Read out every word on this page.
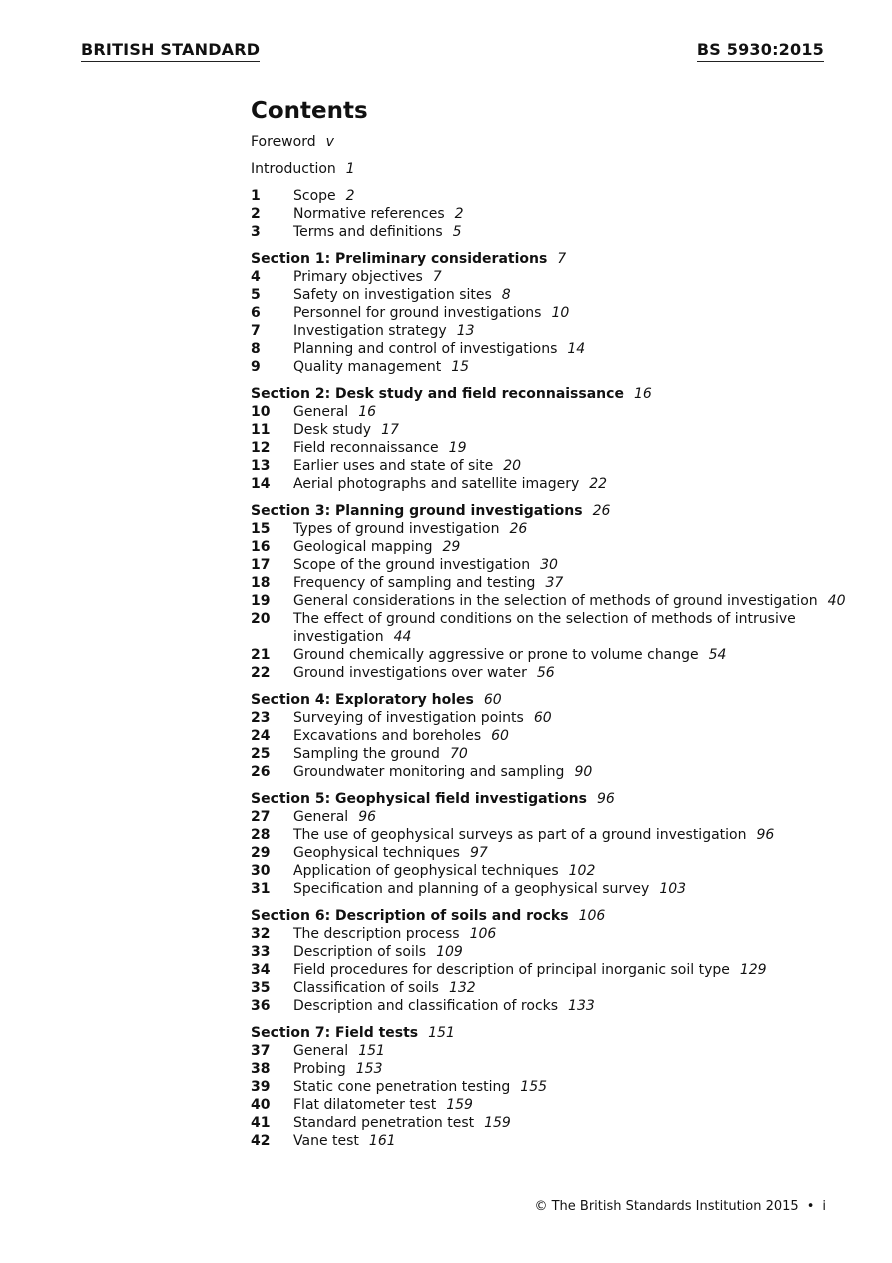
BRITISH STANDARD	BS 5930:2015
Contents
Foreword v
Introduction 1
1	Scope 2
2	Normative references 2
3	Terms and definitions 5
Section 1: Preliminary considerations 7
4	Primary objectives 7
5	Safety on investigation sites 8
6	Personnel for ground investigations 10
7	Investigation strategy 13
8	Planning and control of investigations 14
9	Quality management 15
Section 2: Desk study and field reconnaissance 16
10	General 16
11	Desk study 17
12	Field reconnaissance 19
13	Earlier uses and state of site 20
14	Aerial photographs and satellite imagery 22
Section 3: Planning ground investigations 26
15	Types of ground investigation 26
16	Geological mapping 29
17	Scope of the ground investigation 30
18	Frequency of sampling and testing 37
19	General considerations in the selection of methods of ground investigation 40
20	The effect of ground conditions on the selection of methods of intrusive investigation 44
21	Ground chemically aggressive or prone to volume change 54
22	Ground investigations over water 56
Section 4: Exploratory holes 60
23	Surveying of investigation points 60
24	Excavations and boreholes 60
25	Sampling the ground 70
26	Groundwater monitoring and sampling 90
Section 5: Geophysical field investigations 96
27	General 96
28	The use of geophysical surveys as part of a ground investigation 96
29	Geophysical techniques 97
30	Application of geophysical techniques 102
31	Specification and planning of a geophysical survey 103
Section 6: Description of soils and rocks 106
32	The description process 106
33	Description of soils 109
34	Field procedures for description of principal inorganic soil type 129
35	Classification of soils 132
36	Description and classification of rocks 133
Section 7: Field tests 151
37	General 151
38	Probing 153
39	Static cone penetration testing 155
40	Flat dilatometer test 159
41	Standard penetration test 159
42	Vane test 161
© The British Standards Institution 2015 • i
